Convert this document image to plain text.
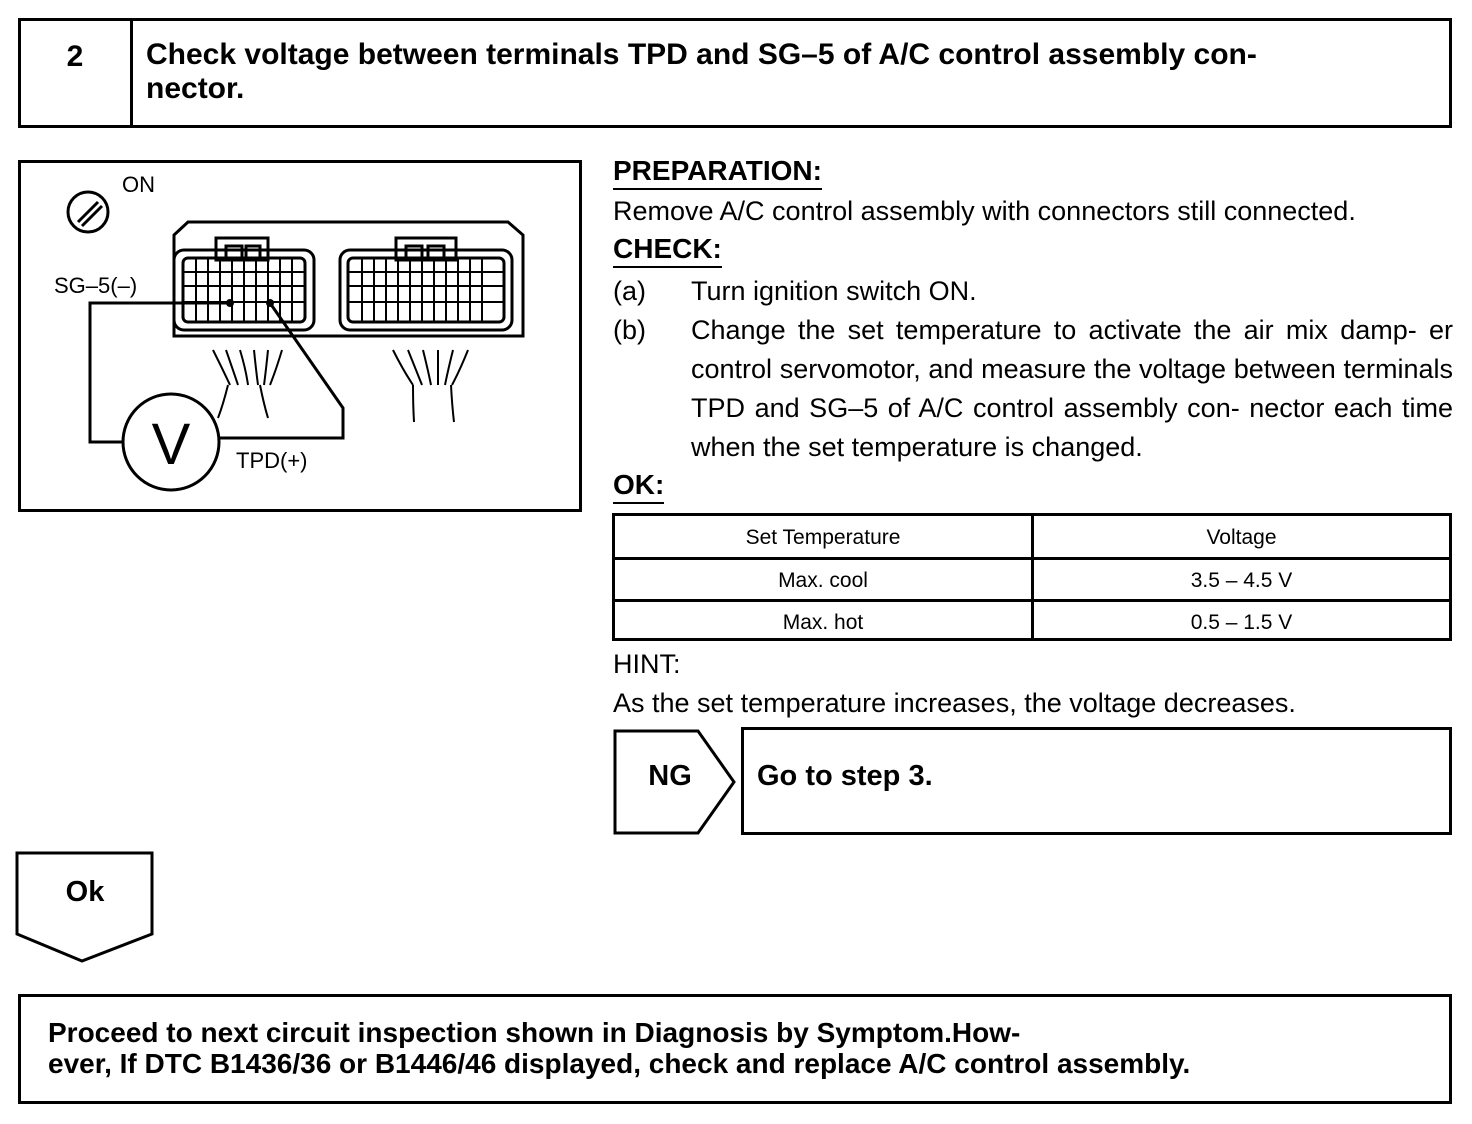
2	Check voltage between terminals TPD and SG–5 of A/C control assembly con-
nector.
ON
SG–5(–)
V TPD(+)
PREPARATION:
Remove A/C control assembly with connectors still connected.
CHECK:
(a) Turn ignition switch ON.
(b) Change the set temperature to activate the air mix damp- er control servomotor, and measure the voltage between terminals TPD and SG–5 of A/C control assembly con- nector each time when the set temperature is changed.
OK:
Set Temperature	Voltage
Max. cool	3.5 – 4.5 V
Max. hot	0.5 – 1.5 V
HINT:
As the set temperature increases, the voltage decreases.
NG Go to step 3.
Ok
Proceed to next circuit inspection shown in Diagnosis by Symptom.How-
ever, If DTC B1436/36 or B1446/46 displayed, check and replace A/C control assembly.
